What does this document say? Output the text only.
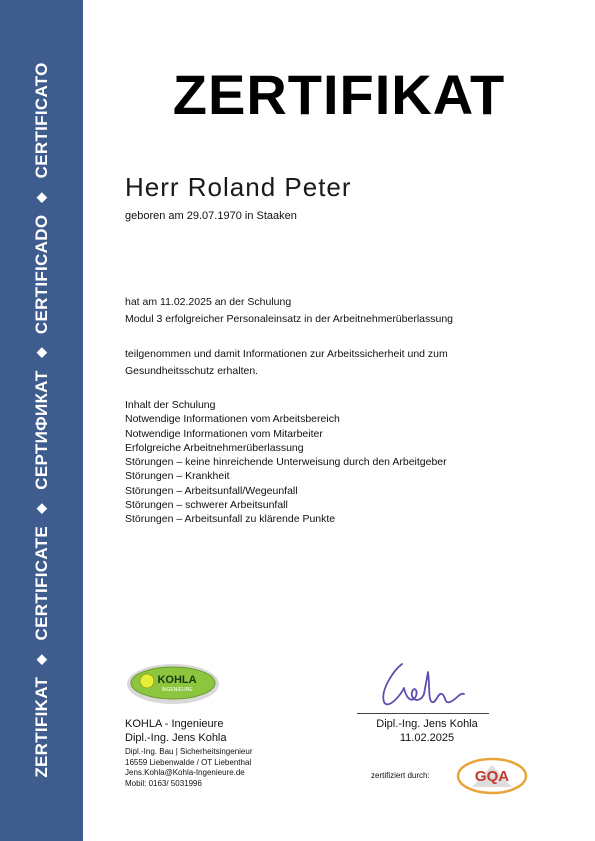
ZERTIFIKAT
◆
CERTIFICATE
◆
СЕРТИФИКАТ
◆
CERTIFICADO
◆
CERTIFICATO	ZERTIFIKAT
Herr Roland Peter
geboren am 29.07.1970 in Staaken
hat am 11.02.2025 an der Schulung
Modul 3 erfolgreicher Personaleinsatz in der Arbeitnehmerüberlassung
teilgenommen und damit Informationen zur Arbeitssicherheit und zum
Gesundheitsschutz erhalten.
Inhalt der Schulung
Notwendige Informationen vom Arbeitsbereich
Notwendige Informationen vom Mitarbeiter
Erfolgreiche Arbeitnehmerüberlassung
Störungen – keine hinreichende Unterweisung durch den Arbeitgeber
Störungen – Krankheit
Störungen – Arbeitsunfall/Wegeunfall
Störungen – schwerer Arbeitsunfall
Störungen – Arbeitsunfall zu klärende Punkte
KOHLA
INGENIEURE
KOHLA - Ingenieure
Dipl.-Ing. Jens Kohla
Dipl.-Ing. Bau | Sicherheitsingenieur
16559 Liebenwalde / OT Liebenthal
Jens.Kohla@Kohla-Ingenieure.de
Mobil: 0163/ 5031996
Dipl.-Ing. Jens Kohla
11.02.2025
zertifiziert durch:	GQA
